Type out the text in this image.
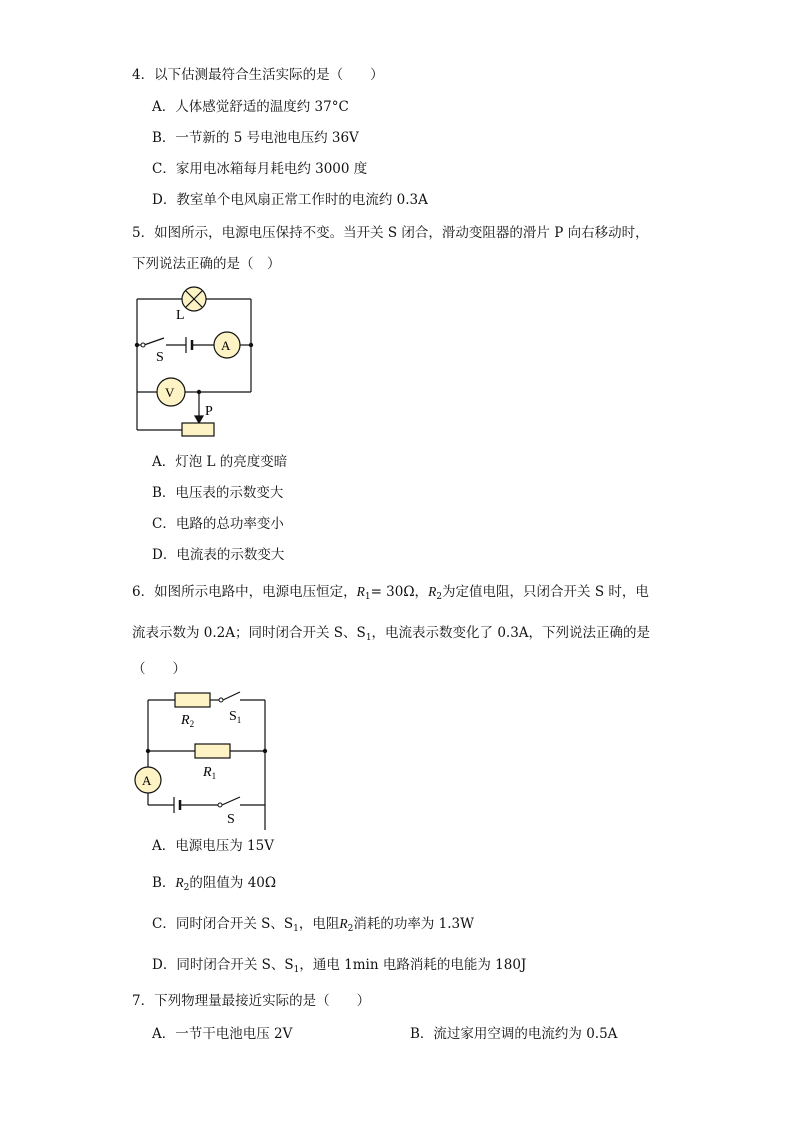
4．以下估测最符合生活实际的是（　　）
A．人体感觉舒适的温度约 37°C
B．一节新的 5 号电池电压约 36V
C．家用电冰箱每月耗电约 3000 度
D．教室单个电风扇正常工作时的电流约 0.3A
5．如图所示，电源电压保持不变。当开关 S 闭合，滑动变阻器的滑片 P 向右移动时，
下列说法正确的是（　）
L
S
A
V
P
A．灯泡 L 的亮度变暗
B．电压表的示数变大
C．电路的总功率变小
D．电流表的示数变大
6．如图所示电路中，电源电压恒定，$R_1= 30\Omega$，$R_2$为定值电阻，只闭合开关 S 时，电
流表示数为 0.2A；同时闭合开关 S、$S_1$，电流表示数变化了 0.3A，下列说法正确的是
（　　）
$R_2$ $S_1$
$R_1$
S
A
A．电源电压为 15V
B．$R_2$的阻值为 40Ω
C．同时闭合开关 S、$S_1$，电阻$R_2$消耗的功率为 1.3W
D．同时闭合开关 S、$S_1$，通电 1min 电路消耗的电能为 180J
7．下列物理量最接近实际的是（　　）
A．一节干电池电压 2V	B．流过家用空调的电流约为 0.5A
